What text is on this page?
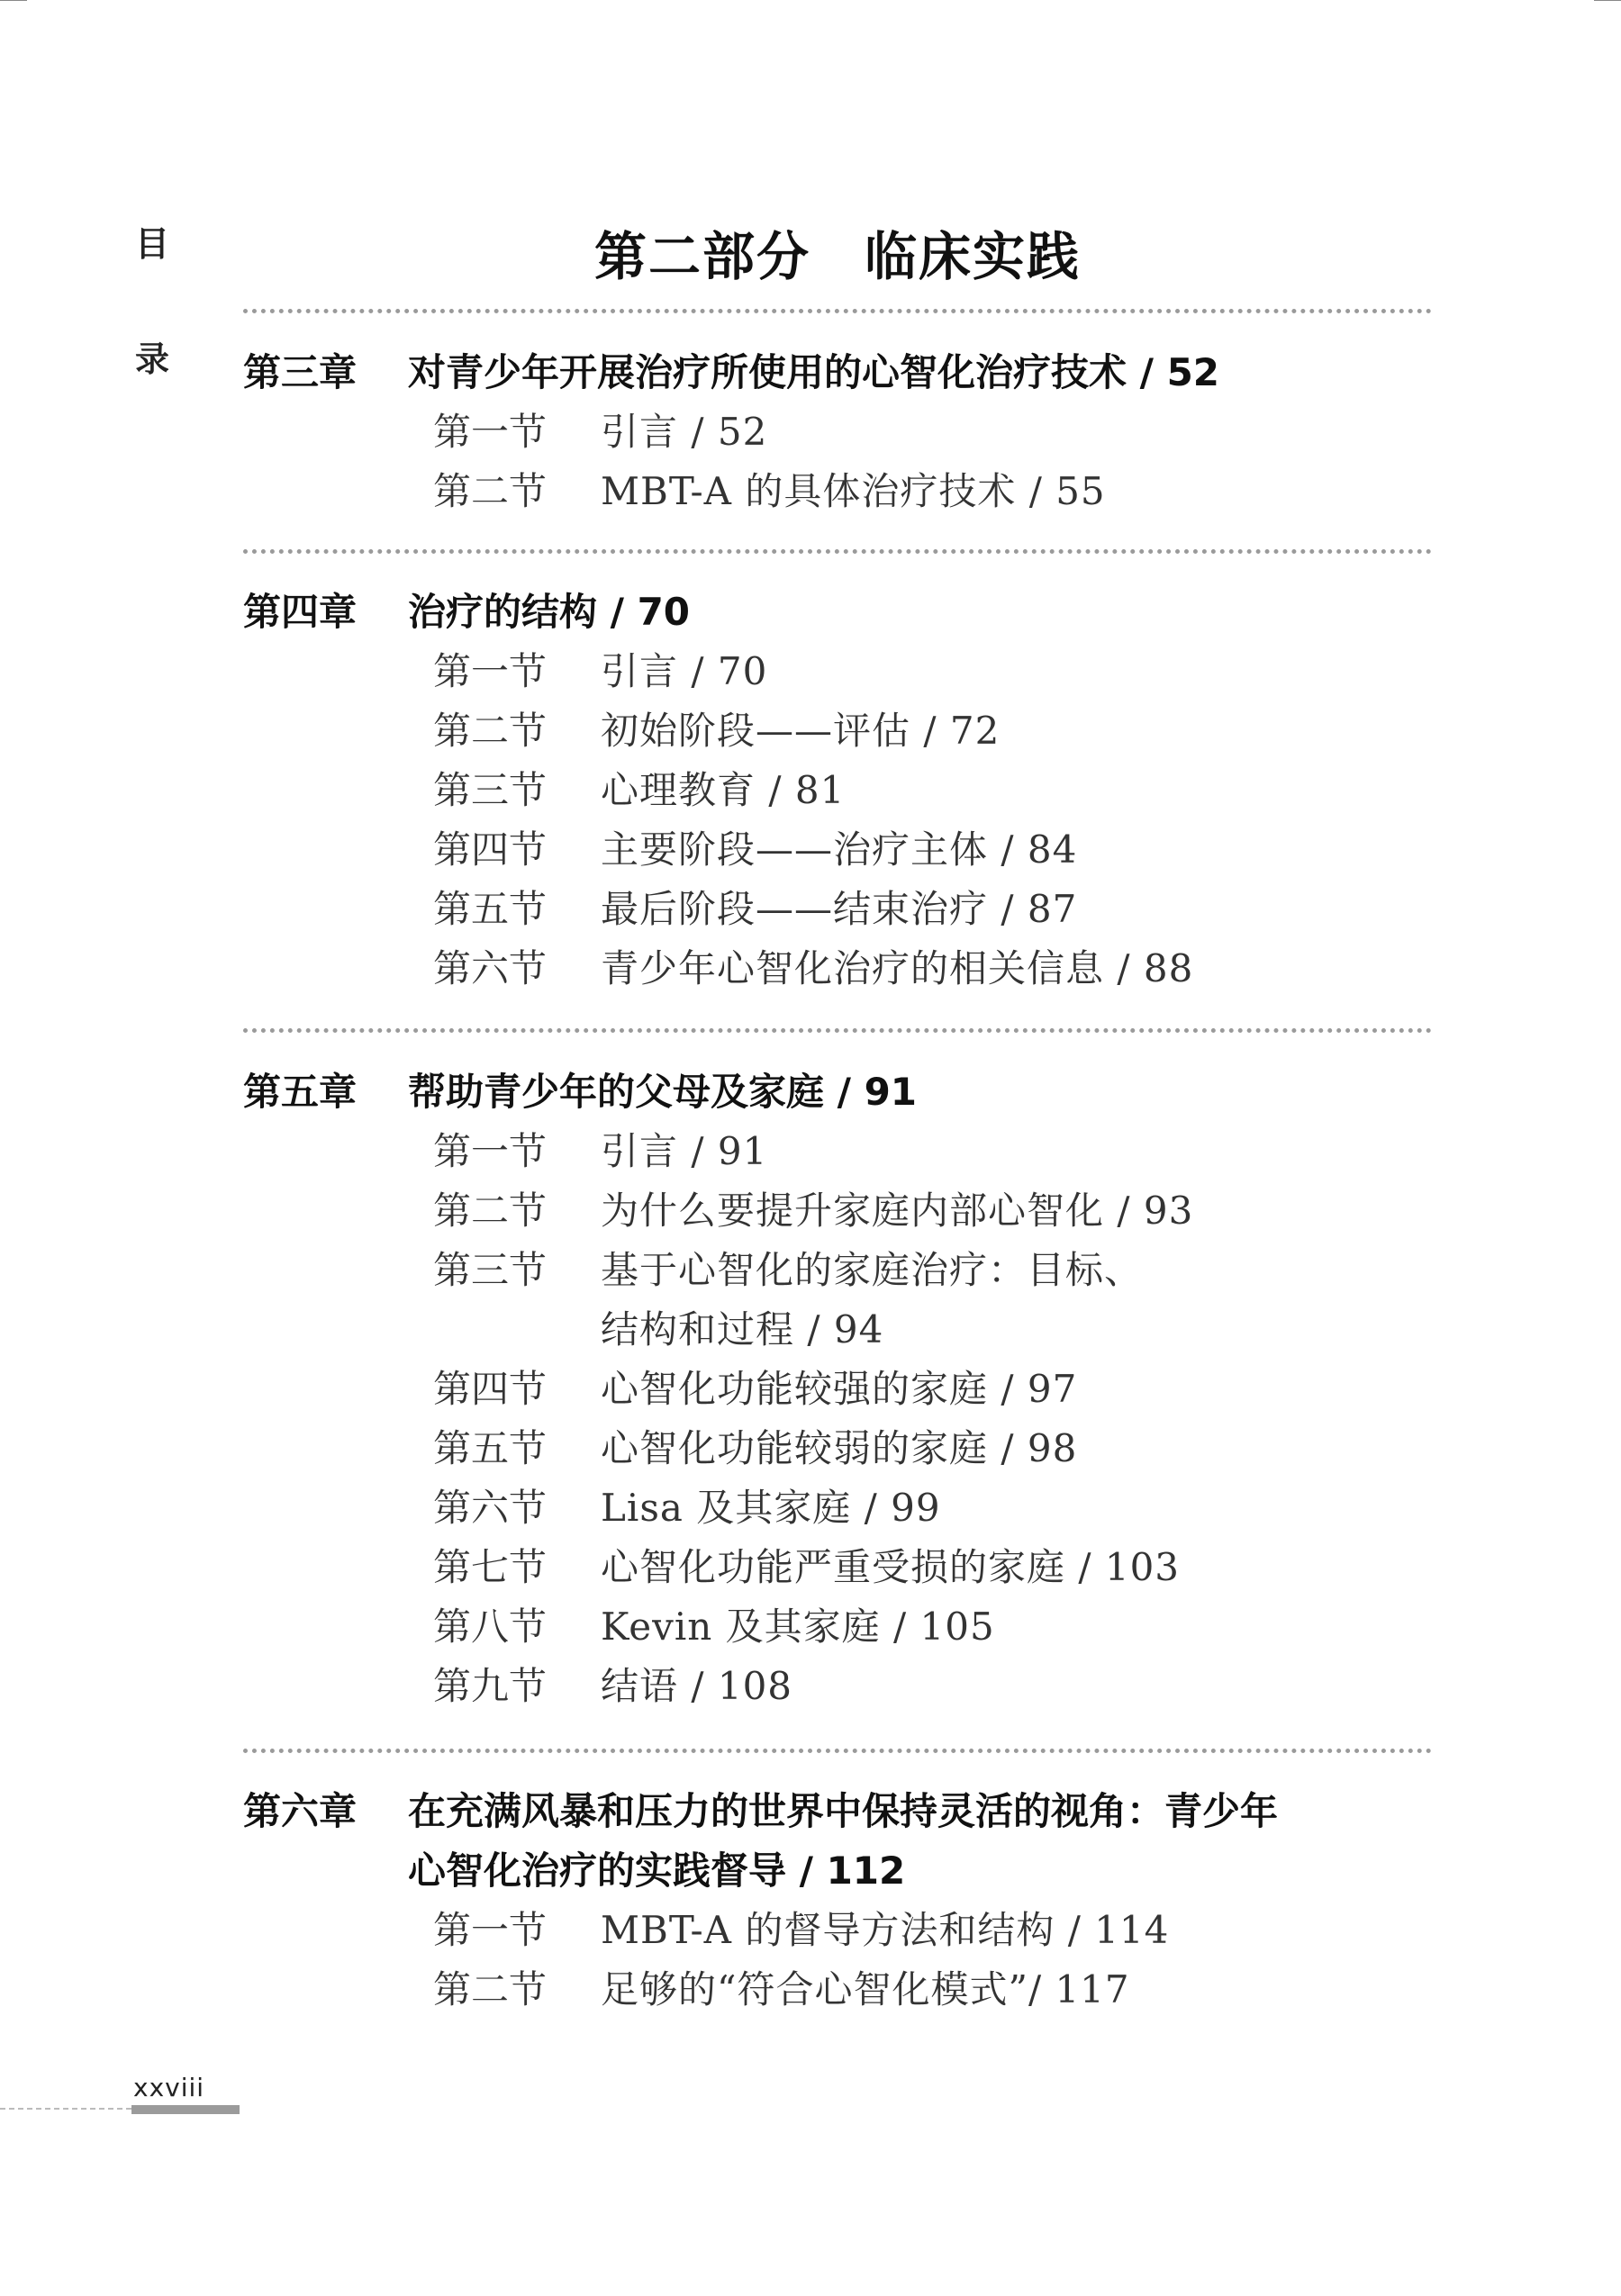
目
录
第二部分　临床实践
第三章	对青少年开展治疗所使用的心智化治疗技术 / 52
第一节	引言 / 52
第二节	MBT-A 的具体治疗技术 / 55
第四章	治疗的结构 / 70
第一节	引言 / 70
第二节	初始阶段——评估 / 72
第三节	心理教育 / 81
第四节	主要阶段——治疗主体 / 84
第五节	最后阶段——结束治疗 / 87
第六节	青少年心智化治疗的相关信息 / 88
第五章	帮助青少年的父母及家庭 / 91
第一节	引言 / 91
第二节	为什么要提升家庭内部心智化 / 93
第三节	基于心智化的家庭治疗：目标、
结构和过程 / 94
第四节	心智化功能较强的家庭 / 97
第五节	心智化功能较弱的家庭 / 98
第六节	Lisa 及其家庭 / 99
第七节	心智化功能严重受损的家庭 / 103
第八节	Kevin 及其家庭 / 105
第九节	结语 / 108
第六章	在充满风暴和压力的世界中保持灵活的视角：青少年
心智化治疗的实践督导 / 112
第一节	MBT-A 的督导方法和结构 / 114
第二节	足够的“符合心智化模式”/ 117
xxviii
